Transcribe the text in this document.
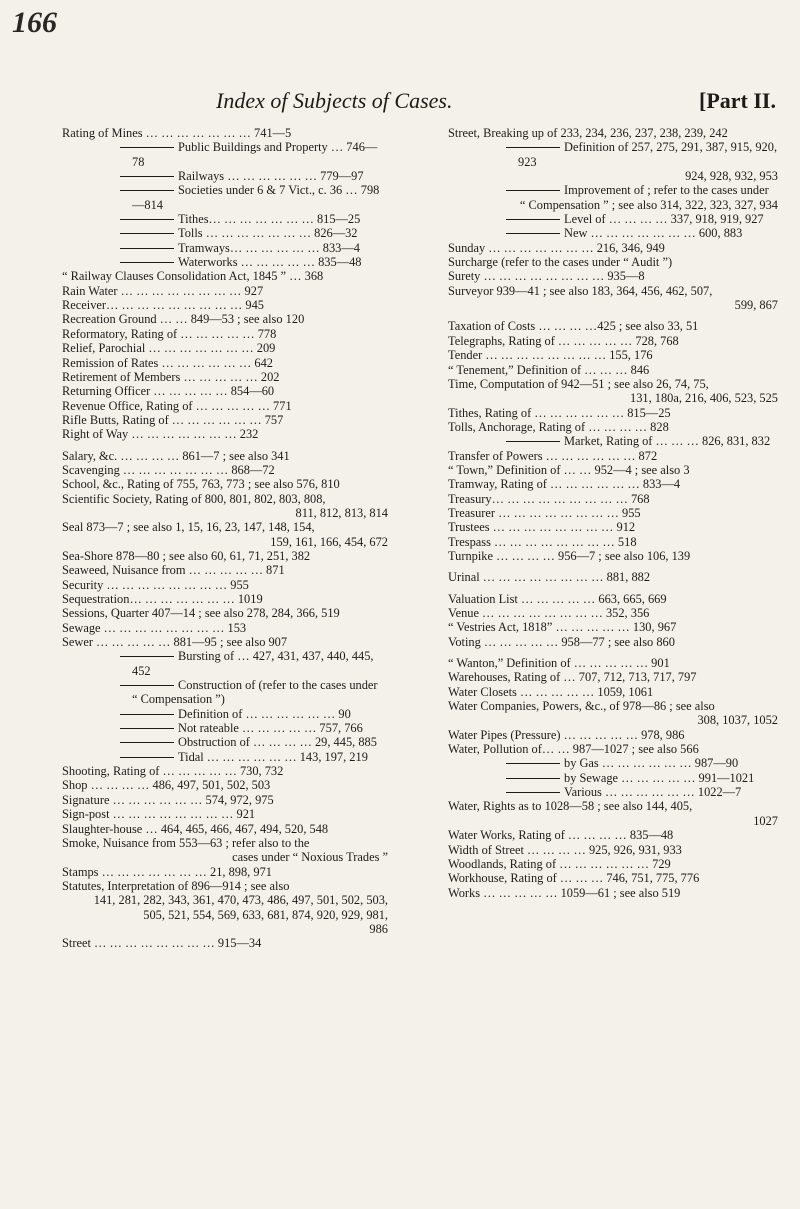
166
Index of Subjects of Cases.	[Part II.
Rating of Mines … … … … … … … 741—5
Public Buildings and Property … 746—78
Railways … … … … … … 779—97
Societies under 6 & 7 Vict., c. 36 … 798—814
Tithes… … … … … … … 815—25
Tolls … … … … … … … 826—32
Tramways… … … … … … 833—4
Waterworks … … … … … 835—48
“ Railway Clauses Consolidation Act, 1845 ” … 368
Rain Water … … … … … … … … 927
Receiver… … … … … … … … … 945
Recreation Ground … … 849—53 ; see also 120
Reformatory, Rating of … … … … … 778
Relief, Parochial … … … … … … … 209
Remission of Rates … … … … … … 642
Retirement of Members … … … … … 202
Returning Officer … … … … … 854—60
Revenue Office, Rating of … … … … … 771
Rifle Butts, Rating of … … … … … … 757
Right of Way … … … … … … … 232
Salary, &c. … … … … 861—7 ; see also 341
Scavenging … … … … … … … 868—72
School, &c., Rating of 755, 763, 773 ; see also 576, 810
Scientific Society, Rating of 800, 801, 802, 803, 808,
811, 812, 813, 814
Seal 873—7 ; see also 1, 15, 16, 23, 147, 148, 154,
159, 161, 166, 454, 672
Sea-Shore 878—80 ; see also 60, 61, 71, 251, 382
Seaweed, Nuisance from … … … … … 871
Security … … … … … … … … 955
Sequestration… … … … … … … 1019
Sessions, Quarter 407—14 ; see also 278, 284, 366, 519
Sewage … … … … … … … … 153
Sewer … … … … … 881—95 ; see also 907
Bursting of … 427, 431, 437, 440, 445, 452
Construction of (refer to the cases under
“ Compensation ”)
Definition of … … … … … … 90
Not rateable … … … … … 757, 766
Obstruction of … … … … 29, 445, 885
Tidal … … … … … … 143, 197, 219
Shooting, Rating of … … … … … 730, 732
Shop … … … … 486, 497, 501, 502, 503
Signature … … … … … … 574, 972, 975
Sign-post … … … … … … … … 921
Slaughter-house … 464, 465, 466, 467, 494, 520, 548
Smoke, Nuisance from 553—63 ; refer also to the
cases under “ Noxious Trades ”
Stamps … … … … … … … 21, 898, 971
Statutes, Interpretation of 896—914 ; see also
141, 281, 282, 343, 361, 470, 473, 486, 497, 501, 502, 503, 505, 521, 554, 569, 633, 681, 874, 920, 929, 981,
986
Street … … … … … … … … 915—34
Street, Breaking up of 233, 234, 236, 237, 238, 239, 242
Definition of 257, 275, 291, 387, 915, 920, 923
924, 928, 932, 953
Improvement of ; refer to the cases under
“ Compensation ” ; see also 314, 322, 323, 327, 934
Level of … … … … 337, 918, 919, 927
New … … … … … … … 600, 883
Sunday … … … … … … … 216, 346, 949
Surcharge (refer to the cases under “ Audit ”)
Surety … … … … … … … … 935—8
Surveyor 939—41 ; see also 183, 364, 456, 462, 507,
599, 867
Taxation of Costs … … … …425 ; see also 33, 51
Telegraphs, Rating of … … … … … 728, 768
Tender … … … … … … … … 155, 176
“ Tenement,” Definition of … … … 846
Time, Computation of 942—51 ; see also 26, 74, 75,
131, 180a, 216, 406, 523, 525
Tithes, Rating of … … … … … … 815—25
Tolls, Anchorage, Rating of … … … … 828
Market, Rating of … … … 826, 831, 832
Transfer of Powers … … … … … … 872
“ Town,” Definition of … … 952—4 ; see also 3
Tramway, Rating of … … … … … … 833—4
Treasury… … … … … … … … … 768
Treasurer … … … … … … … … 955
Trustees … … … … … … … … 912
Trespass … … … … … … … … 518
Turnpike … … … … 956—7 ; see also 106, 139
Urinal … … … … … … … … 881, 882
Valuation List … … … … … 663, 665, 669
Venue … … … … … … … … 352, 356
“ Vestries Act, 1818” … … … … … 130, 967
Voting … … … … … 958—77 ; see also 860
“ Wanton,” Definition of … … … … … 901
Warehouses, Rating of … 707, 712, 713, 717, 797
Water Closets … … … … … 1059, 1061
Water Companies, Powers, &c., of 978—86 ; see also
308, 1037, 1052
Water Pipes (Pressure) … … … … … 978, 986
Water, Pollution of… … 987—1027 ; see also 566
by Gas … … … … … … 987—90
by Sewage … … … … … 991—1021
Various … … … … … … 1022—7
Water, Rights as to 1028—58 ; see also 144, 405,
1027
Water Works, Rating of … … … … 835—48
Width of Street … … … … 925, 926, 931, 933
Woodlands, Rating of … … … … … … 729
Workhouse, Rating of … … … 746, 751, 775, 776
Works … … … … … 1059—61 ; see also 519
